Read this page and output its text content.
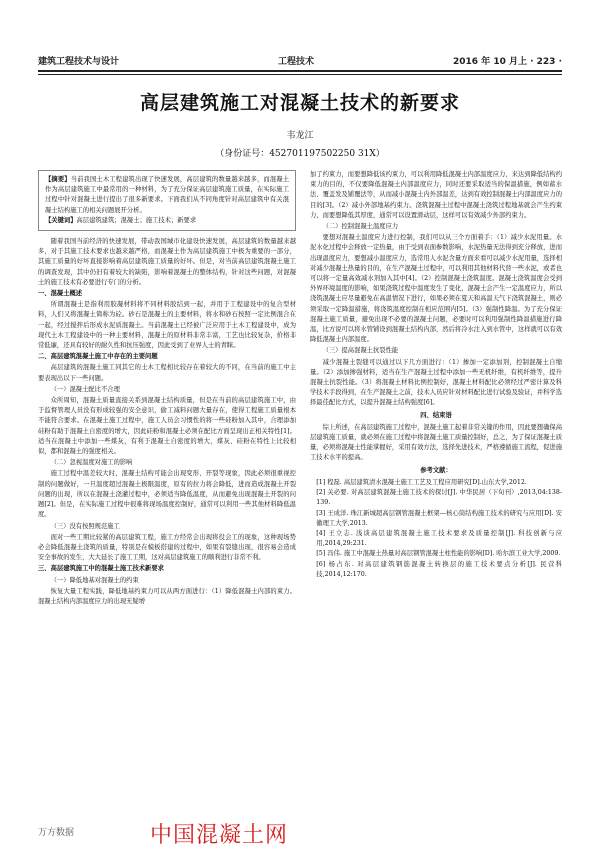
建筑工程技术与设计	工程技术	2016 年 10 月上 · 223 ·
高层建筑施工对混凝土技术的新要求
韦龙江
（身份证号：452701197502250 31X）

【摘要】当前我国土木工程建筑出现了快速发展，高层建筑的数量越来越多，而混凝土作为高层建筑施工中最常用的一种材料，为了充分保证高层建筑施工质量，在实际施工过程中针对混凝土进行提出了很多新要求。下面我们从不同角度针对高层建筑中有关混凝土结构施工的相关问题展开分析。

【关键词】高层建筑建筑；混凝土；施工技术；新要求

随着我国当前经济的快速发展，带动我国城市化建设快速发展，高层建筑的数量越来越多，对于其施工技术要求也越来越严格，而混凝土作为高层建筑施工中极为重要的一部分，其施工质量的好坏直接影响着高层建筑施工质量的好坏。但是，对当前高层建筑混凝土施工的调查发现，其中仍旧有着较大的缺陷，影响着混凝土的整体结构，针对这些问题，对混凝土的施工技术有必要进行专门的分析。

一、混凝土概述

所谓混凝土是指利用胶凝材料将不同材料胶结到一起，并用于工程建设中的复合型材料，人们又将混凝土简称为砼。砂石是混凝土的主要材料，将水和砂石按照一定比例混合在一起，经过搅拌后形成水泥质混凝土。当前混凝土已经被广泛应用于土木工程建设中，成为现代土木工程建设中的一种主要材料，混凝土的原材料非常丰富，工艺也比较复杂，价格非常低廉，还具有较好的耐久性和抗压强度，因此受到了业界人士的青睐。

二、高层建筑混凝土施工中存在的主要问题

高层建筑的混凝土施工同其它的土木工程相比较存在着较大的不同，在当前的施工中主要表现出以下一些问题。

（一）混凝土配比不合理

众所周知，混凝土质量直接关系到混凝土结构质量，但是在当前的高层建筑施工中，由于监督管理人员没有形成较强的安全意识，偷工减料问题大量存在，使得工程施工质量根本不能符合要求。在混凝土施工过程中，施工人员会习惯性的将一些硅粉加入其中，合理添加硅粉有助于混凝土自密度的增大，因此硅粉和混凝土必须在配比方面呈现出正相关特性[1]。适当在混凝土中添加一些煤灰，有利于混凝土自密度的增大，煤灰、硅粉在特性上比较相似，都和混凝土的强度相关。

（二）忽视温度对施工的影响

施工过程中温差较大时，混凝土结构可能会出现变形、开裂等现象，因此必须很重视控制的问题做好，一旦温度超过混凝土极限温度，原有的拉力将会降低，进而造成混凝土开裂问题的出现，所以在混凝土浇灌过程中，必须适当降低温度，从而避免出现混凝土开裂的问题[2]。但是，在实际施工过程中很难将现场温度控制好，通常可以利用一些其他材料降低温度。

（三）没有按照规范施工

面对一些工期比较紧的高层建筑工程，施工方经常会出现将役会工的现象，这种现场势必会降低混凝土浇筑的质量，特别是在模板搭建的过程中，如果有裂缝出现，很容易会造成安全事故的发生，大大延长了施工工期，这对高层建筑施工的顺利进行非常不利。

三、高层建筑施工中的混凝土施工技术新要求
（一）降低地基对混凝土的约束

恢复大量工程实践，降低地基约束力可以从两方面进行：（1）降低混凝土内部的束力。混凝土结构内部温度应力的出现无疑增

加了约束力，而要想降低该约束力，可以利用降低混凝土内部温度应力，来达到降低结构约束力的目的，不仅要降低混凝土内部温度应力，同时还要采取适当的保温措施，例如蓄水法、覆盖发及铺覆法等，从而减小混凝土内外部温差，达到有效控制混凝土内部温度应力的目的[3]。（2）减小外部地基约束力。浇筑混凝土过程中混凝土浇筑过程地基就会产生约束力，而要想降低其厚度，通常可以设置滑动层，这样可以有效减少外部约束力。

（二）控制混凝土温度应力

要想对混凝土温度应力进行控制，我们可以从三个方面着手：（1）减少水泥用量。水泥水化过程中会释放一定热量，由于受到表面参数影响，水泥热量无法得到充分释放，进而出现温度应力，要想减小温度应力，选常用人水泥含量方面来看可以减少水泥用量，选择相对减少混凝土热量的目的，在生产混凝土过程中，可以利用其他材料代替一些水泥，或者也可以将一定量高效减水剂加入其中[4]。（2）控制混凝土浇筑温度。混凝土浇筑温度会受到外界环境温度的影响，如果浇筑过程中温度发生了变化，混凝土会产生一定温度应力，所以浇筑混凝土应尽量避免在高温情况下进行，如果必须在夏天和高温天气下浇筑混凝土，则必须采取一定降温措施，将浇筑温度控制在相应范围内[5]。（3）强制性降温。为了充分保证混凝土施工质量，避免出现不必要的混凝土问题，必要时可以利用强制性降温措施进行降温，比方说可以将水管铺设到混凝土结构内部，然后将冷水注入到水管中，这样就可以有效降低混凝土内部温度。

（三）提高混凝土抗裂性能

减少混凝土裂缝可以通过以下几方面进行：（1）掺加一定添加剂，控制混凝土自缩量。（2）添加掺强材料，适当在生产混凝土过程中添加一些无机纤维，有机纤维等，提升混凝土抗裂性能。（3）将混凝土材料比例控制好，混凝土材料配比必须经过严密计算及科学技术手段得到，在生产混凝土之前，技术人员应针对材料配比进行试验及验证，并科学选择最佳配比方式，以提升混凝土结构强度[6]。

四、结束语

综上所述，在高层建筑施工过程中，混凝土施工起着非常关键的作用，因此要想确保高层建筑施工质量，就必须在施工过程中将混凝土施工质量控制好，总之，为了保证混凝土质量，必须将混凝土性能掌握好，采用有效方法，选择先进技术，严格遵循施工流程，促进施工技术水平的提高。

参考文献：

[1] 程磊. 高层建筑清水混凝土施工工艺及工程应用研究[D].山东大学,2012.

[2] 关必要. 对高层建筑混凝土施工技术的探讨[J]. 中华民居（下旬刊）,2013,04:138-139.

[3] 王成洋. 珠江新城超高层钢管混凝土框架—核心筒结构施工技术的研究与应用[D]. 安徽理工大学,2013.

[4] 王立志. 浅谈高层建筑混凝土施工技术要求及质量控制[J]. 科技创新与应用,2014,29:231.

[5] 冯伟. 施工中混凝土热量对高层钢管混凝土柱性能的影响[D]. 哈尔滨工业大学,2009.

[6] 杨占东. 对高层建筑钢筋混凝土转换层的施工技术要点分析[J]. 民营科技,2014,12:170.

中国混凝土网
万方数据
